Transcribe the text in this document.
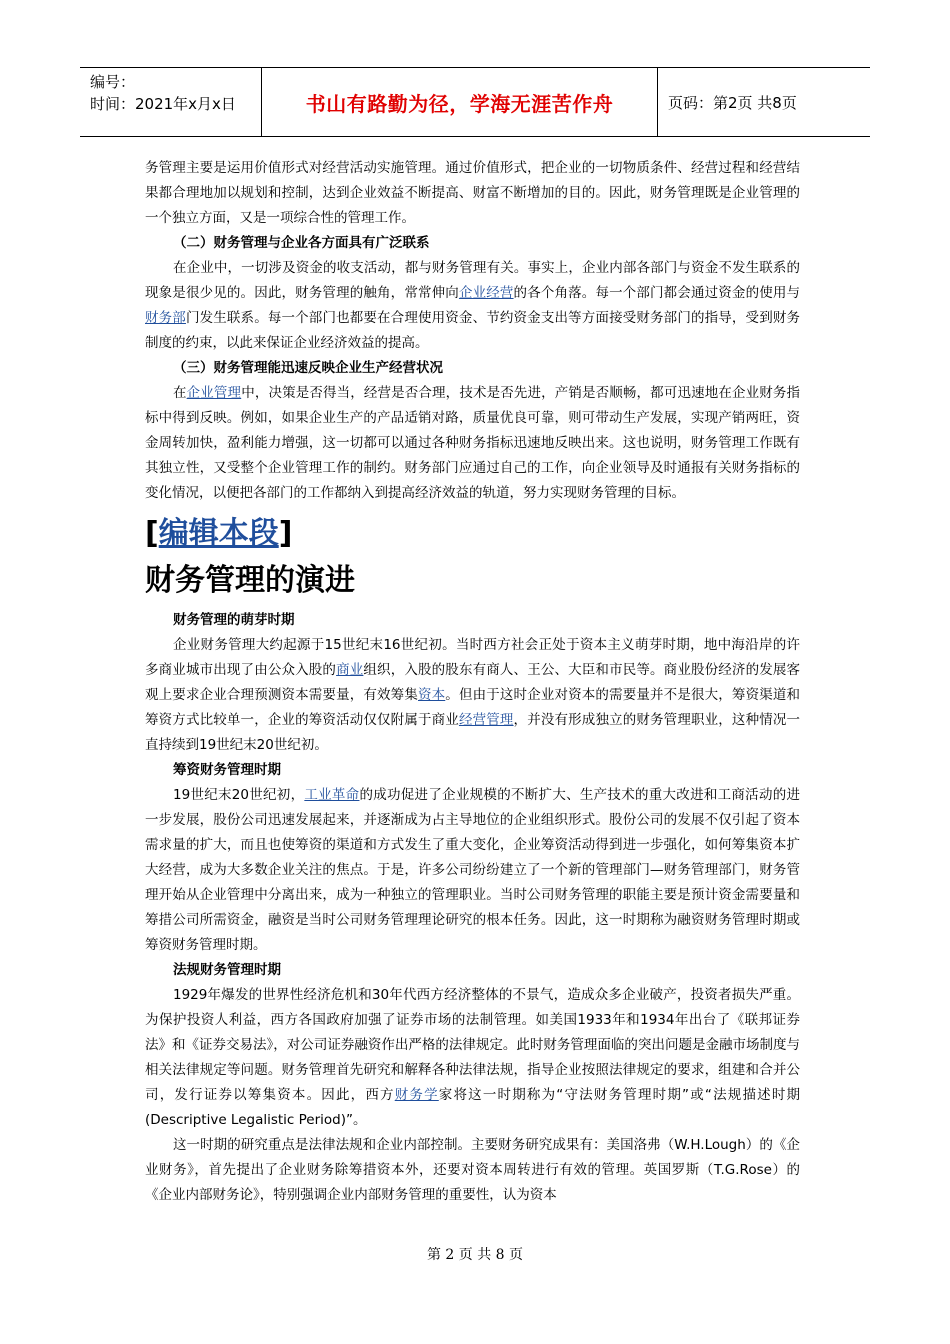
编号：
时间：2021年x月x日	书山有路勤为径，学海无涯苦作舟	页码：第2页 共8页

务管理主要是运用价值形式对经营活动实施管理。通过价值形式，把企业的一切物质条件、经营过程和经营结果都合理地加以规划和控制，达到企业效益不断提高、财富不断增加的目的。因此，财务管理既是企业管理的一个独立方面，又是一项综合性的管理工作。

（二）财务管理与企业各方面具有广泛联系

在企业中，一切涉及资金的收支活动，都与财务管理有关。事实上，企业内部各部门与资金不发生联系的现象是很少见的。因此，财务管理的触角，常常伸向企业经营的各个角落。每一个部门都会通过资金的使用与财务部门发生联系。每一个部门也都要在合理使用资金、节约资金支出等方面接受财务部门的指导，受到财务制度的约束，以此来保证企业经济效益的提高。

（三）财务管理能迅速反映企业生产经营状况

在企业管理中，决策是否得当，经营是否合理，技术是否先进，产销是否顺畅，都可迅速地在企业财务指标中得到反映。例如，如果企业生产的产品适销对路，质量优良可靠，则可带动生产发展，实现产销两旺，资金周转加快，盈利能力增强，这一切都可以通过各种财务指标迅速地反映出来。这也说明，财务管理工作既有其独立性，又受整个企业管理工作的制约。财务部门应通过自己的工作，向企业领导及时通报有关财务指标的变化情况，以便把各部门的工作都纳入到提高经济效益的轨道，努力实现财务管理的目标。

[编辑本段]
财务管理的演进

财务管理的萌芽时期

企业财务管理大约起源于15世纪末16世纪初。当时西方社会正处于资本主义萌芽时期，地中海沿岸的许多商业城市出现了由公众入股的商业组织，入股的股东有商人、王公、大臣和市民等。商业股份经济的发展客观上要求企业合理预测资本需要量，有效筹集资本。但由于这时企业对资本的需要量并不是很大，筹资渠道和筹资方式比较单一，企业的筹资活动仅仅附属于商业经营管理，并没有形成独立的财务管理职业，这种情况一直持续到19世纪末20世纪初。

筹资财务管理时期

19世纪末20世纪初，工业革命的成功促进了企业规模的不断扩大、生产技术的重大改进和工商活动的进一步发展，股份公司迅速发展起来，并逐渐成为占主导地位的企业组织形式。股份公司的发展不仅引起了资本需求量的扩大，而且也使筹资的渠道和方式发生了重大变化，企业筹资活动得到进一步强化，如何筹集资本扩大经营，成为大多数企业关注的焦点。于是，许多公司纷纷建立了一个新的管理部门—财务管理部门，财务管理开始从企业管理中分离出来，成为一种独立的管理职业。当时公司财务管理的职能主要是预计资金需要量和筹措公司所需资金，融资是当时公司财务管理理论研究的根本任务。因此，这一时期称为融资财务管理时期或筹资财务管理时期。

法规财务管理时期

1929年爆发的世界性经济危机和30年代西方经济整体的不景气，造成众多企业破产，投资者损失严重。为保护投资人利益，西方各国政府加强了证券市场的法制管理。如美国1933年和1934年出台了《联邦证券法》和《证券交易法》，对公司证券融资作出严格的法律规定。此时财务管理面临的突出问题是金融市场制度与相关法律规定等问题。财务管理首先研究和解释各种法律法规，指导企业按照法律规定的要求，组建和合并公司，发行证券以筹集资本。因此，西方财务学家将这一时期称为“守法财务管理时期”或“法规描述时期(Descriptive Legalistic Period)”。

这一时期的研究重点是法律法规和企业内部控制。主要财务研究成果有：美国洛弗（W.H.Lough）的《企业财务》，首先提出了企业财务除筹措资本外，还要对资本周转进行有效的管理。英国罗斯（T.G.Rose）的《企业内部财务论》，特别强调企业内部财务管理的重要性，认为资本

第 2 页 共 8 页
